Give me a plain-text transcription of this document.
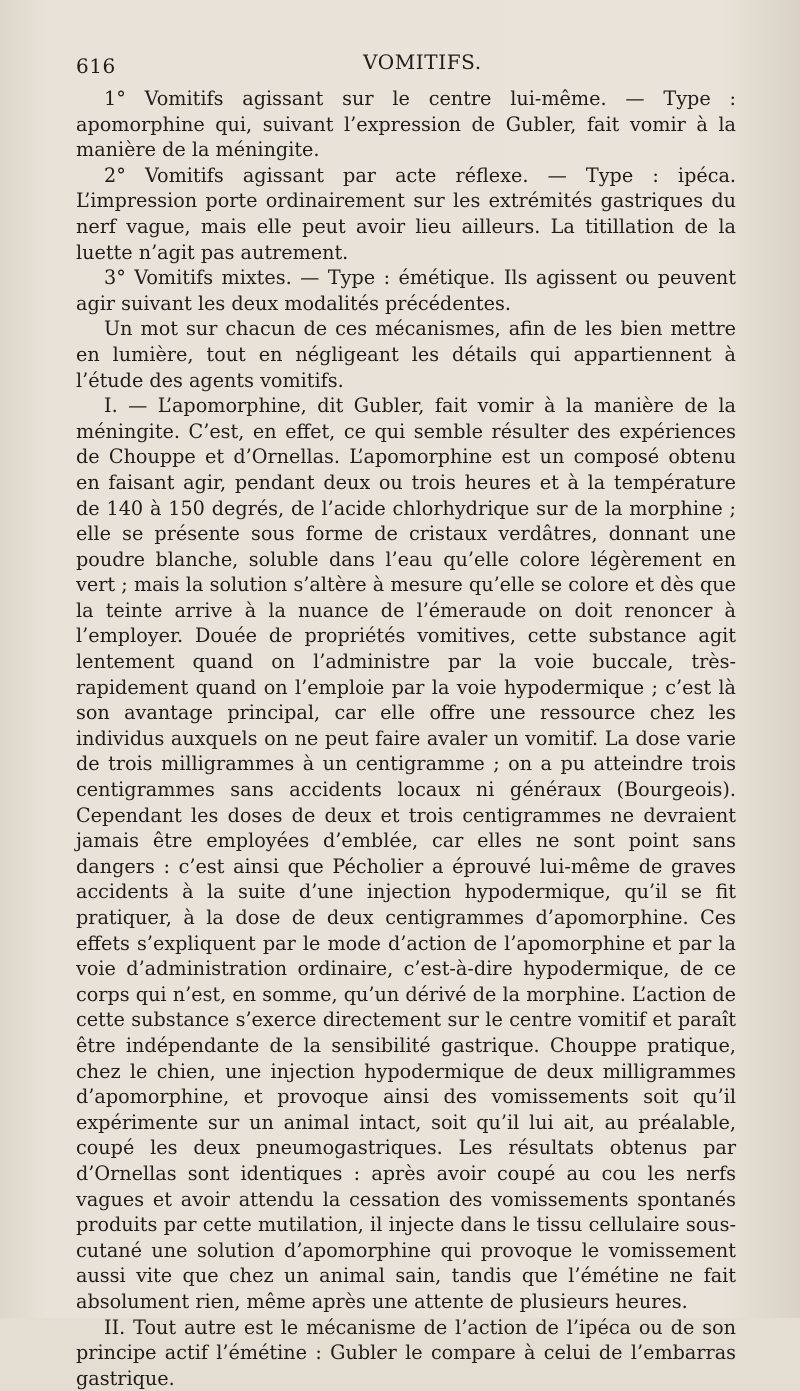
616	VOMITIFS.

1° Vomitifs agissant sur le centre lui-même. — Type : apomorphine qui, suivant l’expression de Gubler, fait vomir à la manière de la méningite.

2° Vomitifs agissant par acte réflexe. — Type : ipéca. L’impression porte ordinairement sur les extrémités gastriques du nerf vague, mais elle peut avoir lieu ailleurs. La titillation de la luette n’agit pas autrement.

3° Vomitifs mixtes. — Type : émétique. Ils agissent ou peuvent agir suivant les deux modalités précédentes.

Un mot sur chacun de ces mécanismes, afin de les bien mettre en lumière, tout en négligeant les détails qui appartiennent à l’étude des agents vomitifs.

I. — L’apomorphine, dit Gubler, fait vomir à la manière de la méningite. C’est, en effet, ce qui semble résulter des expériences de Chouppe et d’Ornellas. L’apomorphine est un composé obtenu en faisant agir, pendant deux ou trois heures et à la température de 140 à 150 degrés, de l’acide chlorhydrique sur de la morphine ; elle se présente sous forme de cristaux verdâtres, donnant une poudre blanche, soluble dans l’eau qu’elle colore légèrement en vert ; mais la solution s’altère à mesure qu’elle se colore et dès que la teinte arrive à la nuance de l’émeraude on doit renoncer à l’employer. Douée de propriétés vomitives, cette substance agit lentement quand on l’administre par la voie buccale, très-rapidement quand on l’emploie par la voie hypodermique ; c’est là son avantage principal, car elle offre une ressource chez les individus auxquels on ne peut faire avaler un vomitif. La dose varie de trois milligrammes à un centigramme ; on a pu atteindre trois centigrammes sans accidents locaux ni généraux (Bourgeois). Cependant les doses de deux et trois centigrammes ne devraient jamais être employées d’emblée, car elles ne sont point sans dangers : c’est ainsi que Pécholier a éprouvé lui-même de graves accidents à la suite d’une injection hypodermique, qu’il se fit pratiquer, à la dose de deux centigrammes d’apomorphine. Ces effets s’expliquent par le mode d’action de l’apomorphine et par la voie d’administration ordinaire, c’est-à-dire hypodermique, de ce corps qui n’est, en somme, qu’un dérivé de la morphine. L’action de cette substance s’exerce directement sur le centre vomitif et paraît être indépendante de la sensibilité gastrique. Chouppe pratique, chez le chien, une injection hypodermique de deux milligrammes d’apomorphine, et provoque ainsi des vomissements soit qu’il expérimente sur un animal intact, soit qu’il lui ait, au préalable, coupé les deux pneumogastriques. Les résultats obtenus par d’Ornellas sont identiques : après avoir coupé au cou les nerfs vagues et avoir attendu la cessation des vomissements spontanés produits par cette mutilation, il injecte dans le tissu cellulaire sous-cutané une solution d’apomorphine qui provoque le vomissement aussi vite que chez un animal sain, tandis que l’émétine ne fait absolument rien, même après une attente de plusieurs heures.

II. Tout autre est le mécanisme de l’action de l’ipéca ou de son principe actif l’émétine : Gubler le compare à celui de l’embarras gastrique.
